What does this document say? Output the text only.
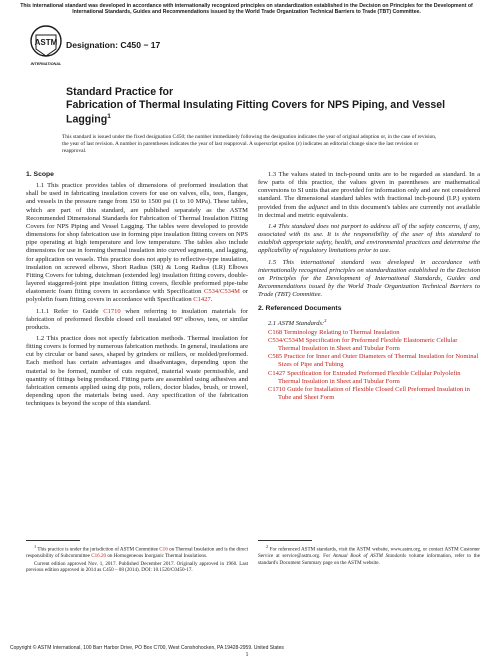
This international standard was developed in accordance with internationally recognized principles on standardization established in the Decision on Principles for the Development of International Standards, Guides and Recommendations issued by the World Trade Organization Technical Barriers to Trade (TBT) Committee.
ASTM
INTERNATIONAL
Designation: C450 − 17
Standard Practice for
Fabrication of Thermal Insulating Fitting Covers for NPS Piping, and Vessel Lagging$^1$
This standard is issued under the fixed designation C450; the number immediately following the designation indicates the year of original adoption or, in the case of revision, the year of last revision. A number in parentheses indicates the year of last reapproval. A superscript epsilon (ε) indicates an editorial change since the last revision or reapproval.
1. Scope

1.1 This practice provides tables of dimensions of preformed insulation that shall be used in fabricating insulation covers for use on valves, ells, tees, flanges, and vessels in the pressure range from 150 to 1500 psi (1 to 10 MPa). These tables, which are part of this standard, are published separately as the ASTM Recommended Dimensional Standards for Fabrication of Thermal Insulation Fitting Covers for NPS Piping and Vessel Lagging. The tables were developed to provide dimensions for shop fabrication use in forming pipe insulation fitting covers on NPS pipe operating at high temperature and low temperature. The tables also include dimensions for use in forming thermal insulation into curved segments, and lagging, for application on vessels. This practice does not apply to reflective-type insulation, insulation on screwed elbows, Short Radius (SR) & Long Radius (LR) Elbows Fitting Covers for tubing, dutchman (extended leg) insulation fitting covers, double-layered staggered-joint pipe insulation fitting covers, flexible preformed pipe-tube elastomeric foam fitting covers in accordance with Specification C534/C534M or polyolefin foam fitting covers in accordance with Specification C1427.

1.1.1 Refer to Guide C1710 when referring to insulation materials for fabrication of preformed flexible closed cell insulated 90° elbows, tees, or similar products.

1.2 This practice does not specify fabrication methods. Thermal insulation for fitting covers is formed by numerous fabrication methods. In general, insulations are cut by circular or band saws, shaped by grinders or millers, or molded/preformed. Each method has certain advantages and disadvantages, depending upon the material to be formed, number of cuts required, material waste permissible, and quantity of fittings being produced. Fitting parts are assembled using adhesives and fabrication cements applied using dip pots, rollers, doctor blades, brush, or trowel, depending upon the materials being used. Any specification of the fabrication techniques is beyond the scope of this standard.

1.3 The values stated in inch-pound units are to be regarded as standard. In a few parts of this practice, the values given in parentheses are mathematical conversions to SI units that are provided for information only and are not considered standard. The dimensional standard tables with fractional inch-pound (I.P.) system provided from the adjunct and in this document's tables are currently not available in decimal and metric equivalents.

1.4 This standard does not purport to address all of the safety concerns, if any, associated with its use. It is the responsibility of the user of this standard to establish appropriate safety, health, and environmental practices and determine the applicability of regulatory limitations prior to use.

1.5 This international standard was developed in accordance with internationally recognized principles on standardization established in the Decision on Principles for the Development of International Standards, Guides and Recommendations issued by the World Trade Organization Technical Barriers to Trade (TBT) Committee.

2. Referenced Documents
2.1 ASTM Standards:$^2$
C168 Terminology Relating to Thermal Insulation
C534/C534M Specification for Preformed Flexible Elastomeric Cellular Thermal Insulation in Sheet and Tubular Form
C585 Practice for Inner and Outer Diameters of Thermal Insulation for Nominal Sizes of Pipe and Tubing
C1427 Specification for Extruded Preformed Flexible Cellular Polyolefin Thermal Insulation in Sheet and Tubular Form
C1710 Guide for Installation of Flexible Closed Cell Preformed Insulation in Tube and Sheet Form

$^1$ This practice is under the jurisdiction of ASTM Committee C16 on Thermal Insulation and is the direct responsibility of Subcommittee C16.20 on Homogeneous Inorganic Thermal Insulations.

Current edition approved Nov. 1, 2017. Published December 2017. Originally approved in 1960. Last previous edition approved in 2014 as C450 – 08 (2014). DOI: 10.1520/C0450-17.

$^2$ For referenced ASTM standards, visit the ASTM website, www.astm.org, or contact ASTM Customer Service at service@astm.org. For Annual Book of ASTM Standards volume information, refer to the standard's Document Summary page on the ASTM website.

Copyright © ASTM International, 100 Barr Harbor Drive, PO Box C700, West Conshohocken, PA 19428-2959. United States
1
